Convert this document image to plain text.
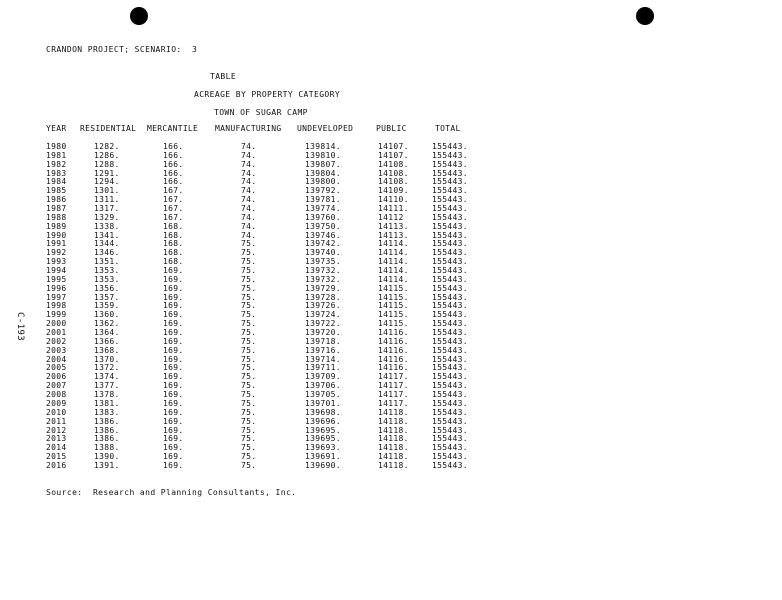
CRANDON PROJECT; SCENARIO:  3
TABLE
ACREAGE BY PROPERTY CATEGORY
TOWN OF SUGAR CAMP
C-193
YEAR	RESIDENTIAL	MERCANTILE	MANUFACTURING	UNDEVELOPED	PUBLIC	TOTAL
1980	1282.	166.	74.	139814.	14107.	155443.
1981	1286.	166.	74.	139810.	14107.	155443.
1982	1288.	166.	74.	139807.	14108.	155443.
1983	1291.	166.	74.	139804.	14108.	155443.
1984	1294.	166.	74.	139800.	14108.	155443.
1985	1301.	167.	74.	139792.	14109.	155443.
1986	1311.	167.	74.	139781.	14110.	155443.
1987	1317.	167.	74.	139774.	14111.	155443.
1988	1329.	167.	74.	139760.	14112	155443.
1989	1338.	168.	74.	139750.	14113.	155443.
1990	1341.	168.	74.	139746.	14113.	155443.
1991	1344.	168.	75.	139742.	14114.	155443.
1992	1346.	168.	75.	139740.	14114.	155443.
1993	1351.	168.	75.	139735.	14114.	155443.
1994	1353.	169.	75.	139732.	14114.	155443.
1995	1353.	169.	75.	139732.	14114.	155443.
1996	1356.	169.	75.	139729.	14115.	155443.
1997	1357.	169.	75.	139728.	14115.	155443.
1998	1359.	169.	75.	139726.	14115.	155443.
1999	1360.	169.	75.	139724.	14115.	155443.
2000	1362.	169.	75.	139722.	14115.	155443.
2001	1364.	169.	75.	139720.	14116.	155443.
2002	1366.	169.	75.	139718.	14116.	155443.
2003	1368.	169.	75.	139716.	14116.	155443.
2004	1370.	169.	75.	139714.	14116.	155443.
2005	1372.	169.	75.	139711.	14116.	155443.
2006	1374.	169.	75.	139709.	14117.	155443.
2007	1377.	169.	75.	139706.	14117.	155443.
2008	1378.	169.	75.	139705.	14117.	155443.
2009	1381.	169.	75.	139701.	14117.	155443.
2010	1383.	169.	75.	139698.	14118.	155443.
2011	1386.	169.	75.	139696.	14118.	155443.
2012	1386.	169.	75.	139695.	14118.	155443.
2013	1386.	169.	75.	139695.	14118.	155443.
2014	1388.	169.	75.	139693.	14118.	155443.
2015	1390.	169.	75.	139691.	14118.	155443.
2016	1391.	169.	75.	139690.	14118.	155443.
Source:  Research and Planning Consultants, Inc.
